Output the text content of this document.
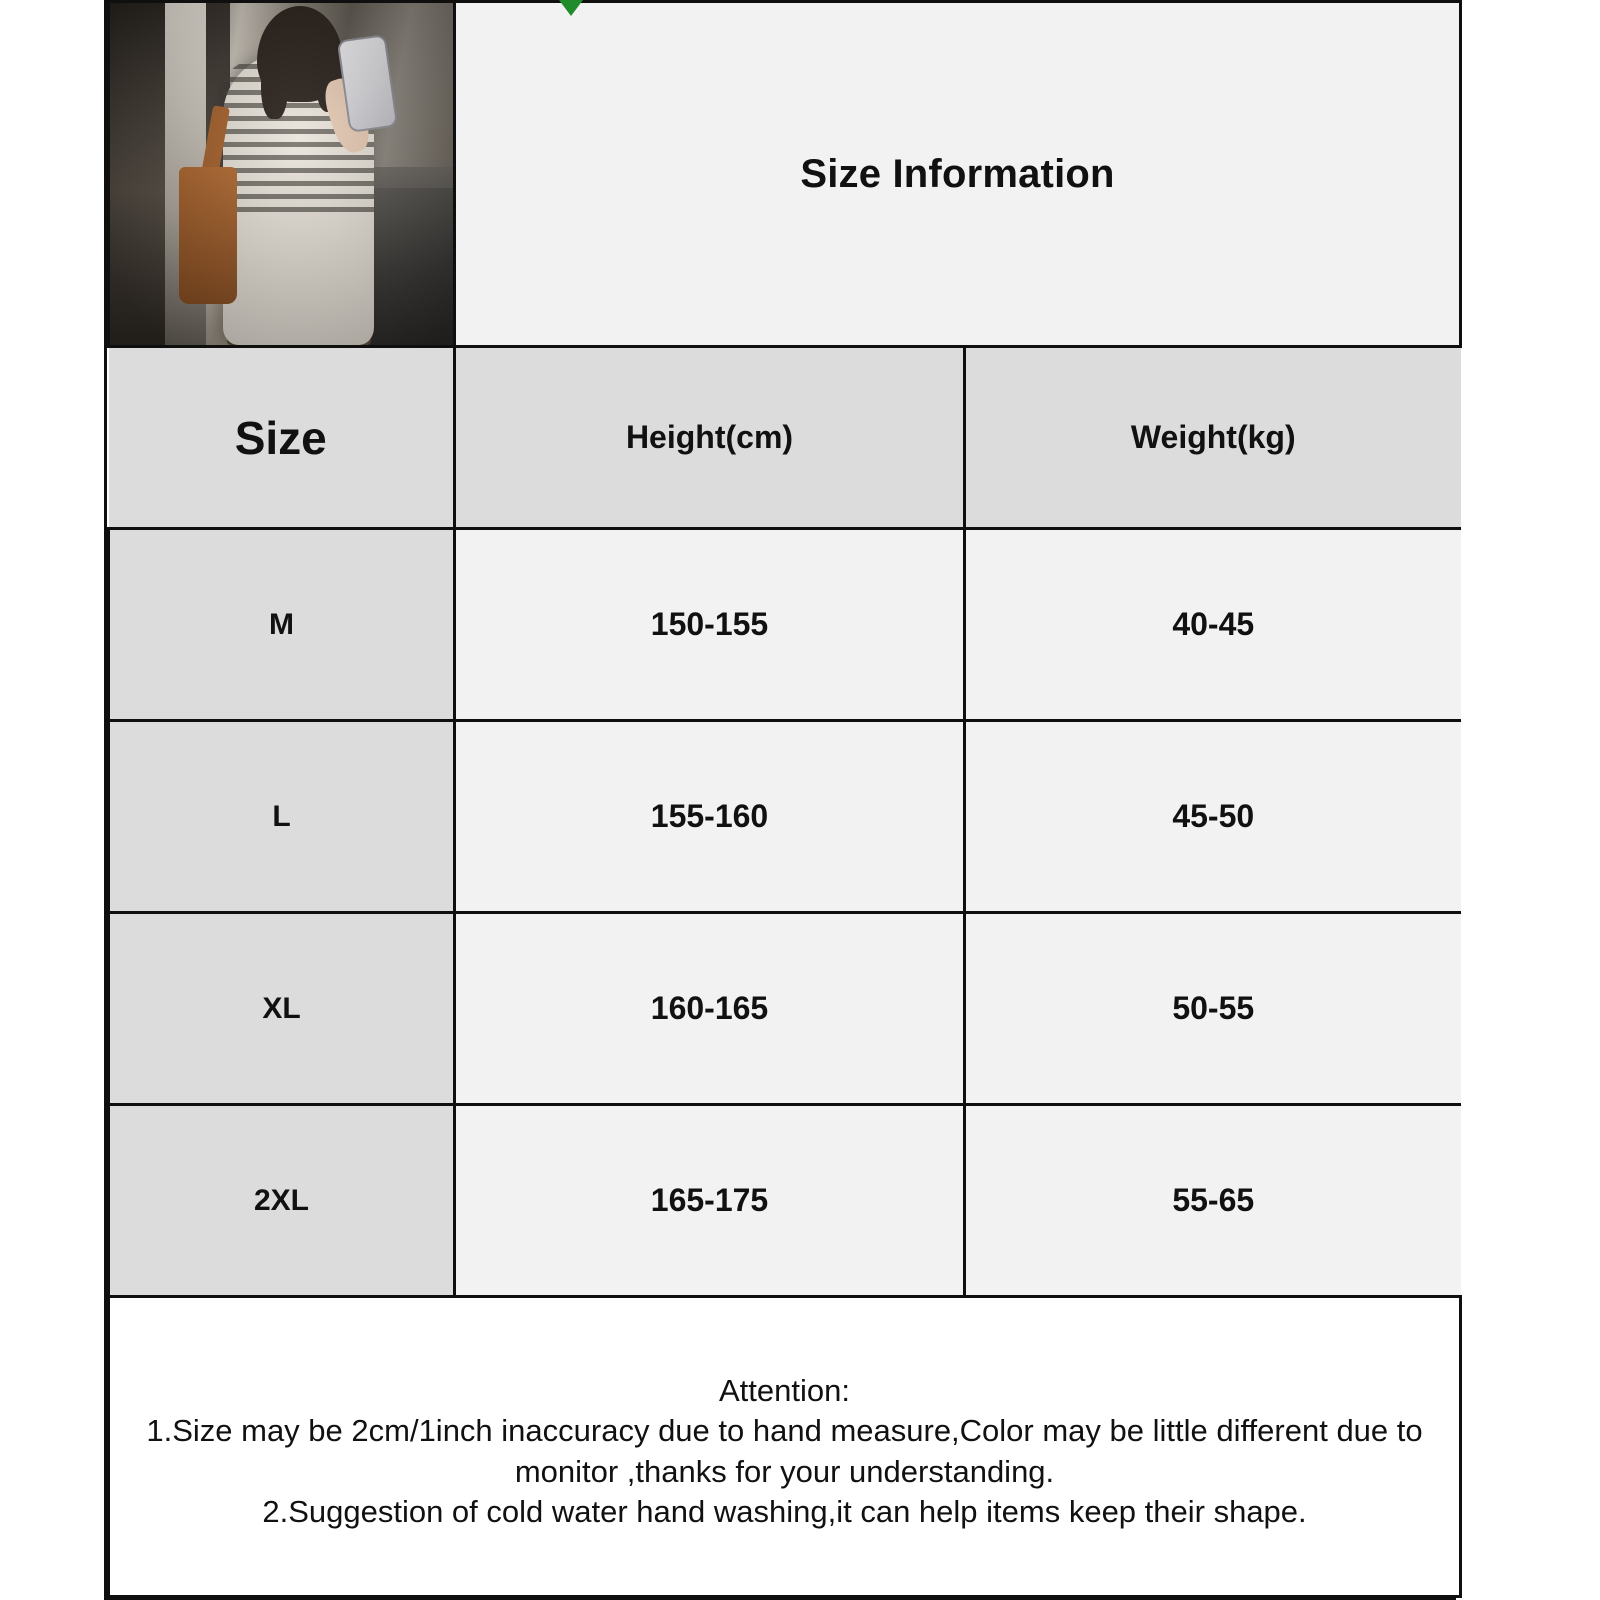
	Size Information	
Size	Height(cm)	Weight(kg)
M	150-155	40-45
L	155-160	45-50
XL	160-165	50-55
2XL	165-175	55-65

Attention:
1.Size may be 2cm/1inch inaccuracy due to hand measure,Color may be little different due to monitor ,thanks for your understanding.
2.Suggestion of cold water hand washing,it can help items keep their shape.		
